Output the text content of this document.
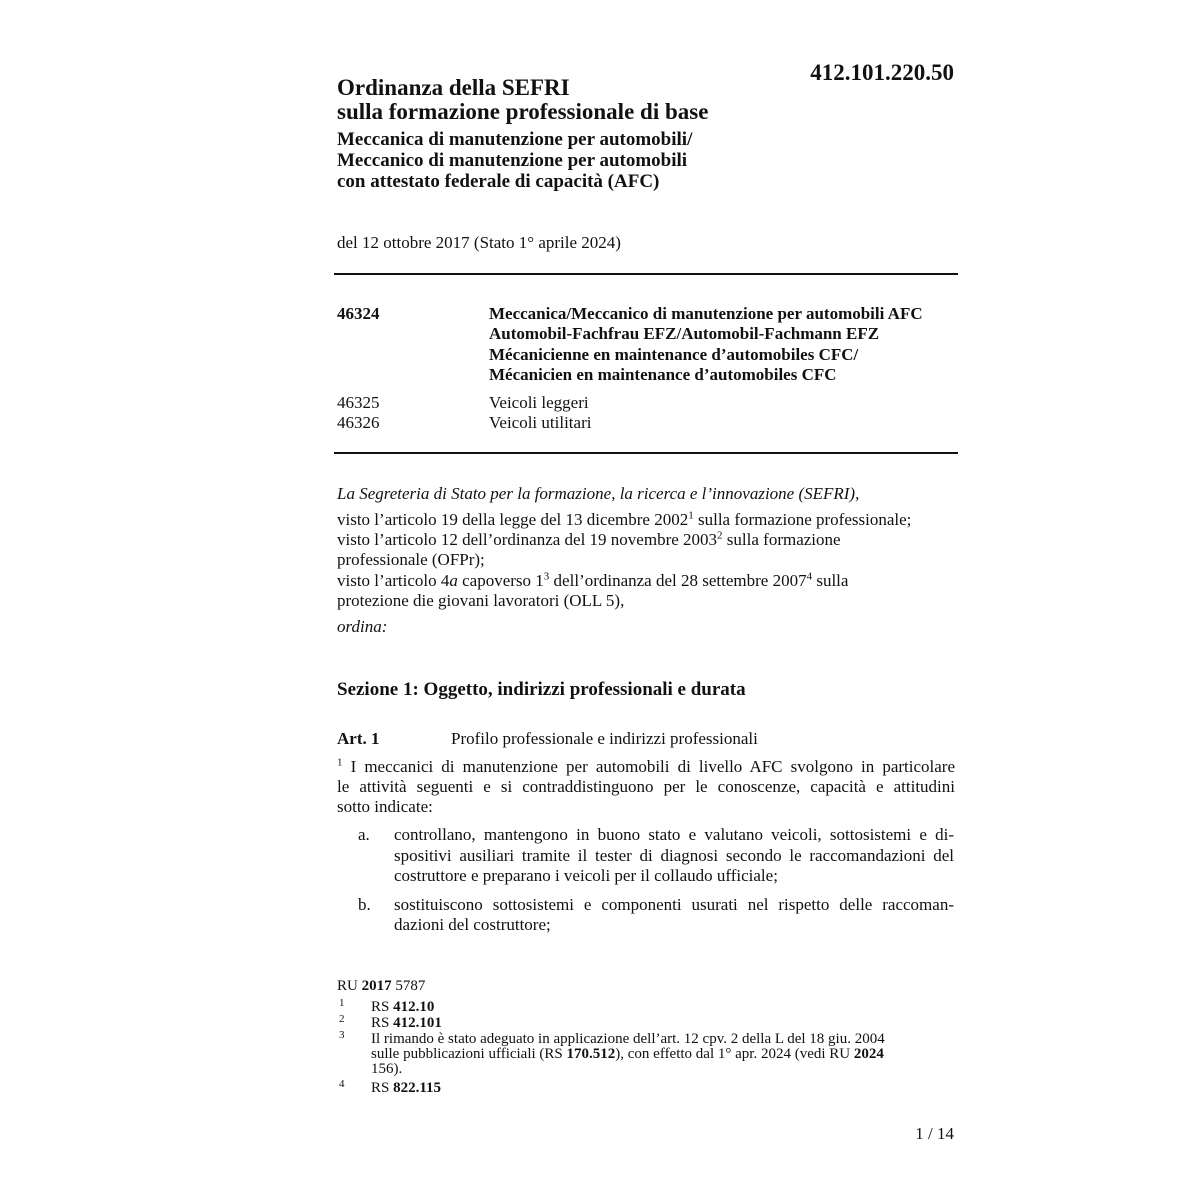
412.101.220.50
Ordinanza della SEFRI
sulla formazione professionale di base
Meccanica di manutenzione per automobili/
Meccanico di manutenzione per automobili
con attestato federale di capacità (AFC)
del 12 ottobre 2017 (Stato 1° aprile 2024)
46324	Meccanica/Meccanico di manutenzione per automobili AFC
Automobil-Fachfrau EFZ/Automobil-Fachmann EFZ
Mécanicienne en maintenance d’automobiles CFC/
Mécanicien en maintenance d’automobiles CFC
46325	Veicoli leggeri
46326	Veicoli utilitari
La Segreteria di Stato per la formazione, la ricerca e l’innovazione (SEFRI),
visto l’articolo 19 della legge del 13 dicembre 2002$^1$ sulla formazione professionale;
visto l’articolo 12 dell’ordinanza del 19 novembre 2003$^2$ sulla formazione
professionale (OFPr);
visto l’articolo 4a capoverso $1^3$ dell’ordinanza del 28 settembre 2007$^4$ sulla
protezione die giovani lavoratori (OLL 5),
ordina:
Sezione 1: Oggetto, indirizzi professionali e durata
Art. 1	Profilo professionale e indirizzi professionali
$^1$ I meccanici di manutenzione per automobili di livello AFC svolgono in particolare
le attività seguenti e si contraddistinguono per le conoscenze, capacità e attitudini
sotto indicate:
a. controllano, mantengono in buono stato e valutano veicoli, sottosistemi e di-
spositivi ausiliari tramite il tester di diagnosi secondo le raccomandazioni del
costruttore e preparano i veicoli per il collaudo ufficiale;
b. sostituiscono sottosistemi e componenti usurati nel rispetto delle raccoman-
dazioni del costruttore;
RU 2017 5787
1 RS 412.10
2 RS 412.101
3 Il rimando è stato adeguato in applicazione dell’art. 12 cpv. 2 della L del 18 giu. 2004
sulle pubblicazioni ufficiali (RS 170.512), con effetto dal 1° apr. 2024 (vedi RU 2024
156).
4 RS 822.115
1 / 14
